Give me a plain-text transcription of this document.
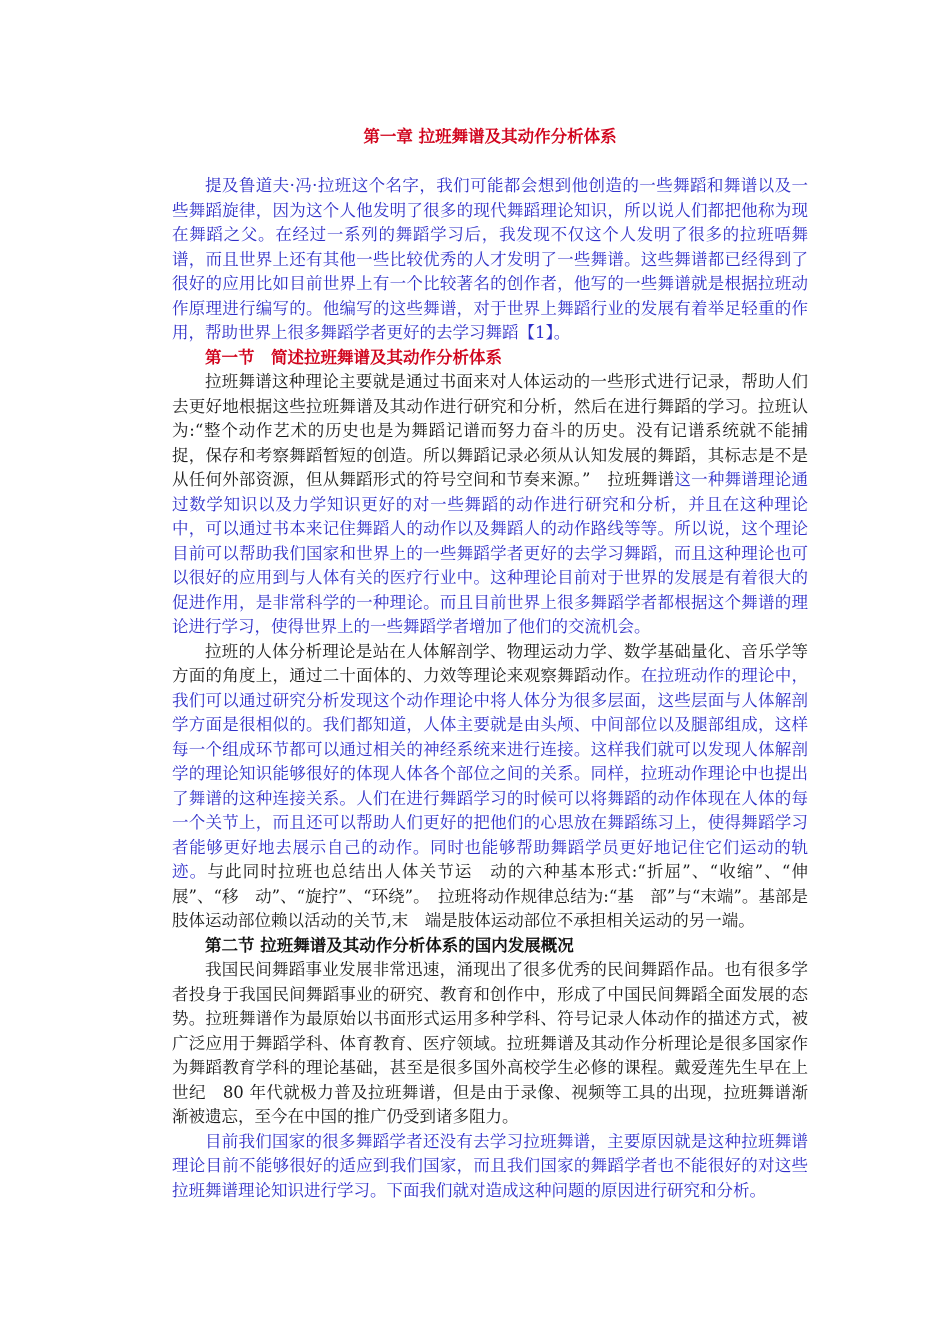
第一章 拉班舞谱及其动作分析体系

提及鲁道夫·冯·拉班这个名字，我们可能都会想到他创造的一些舞蹈和舞谱以及一些舞蹈旋律，因为这个人他发明了很多的现代舞蹈理论知识，所以说人们都把他称为现在舞蹈之父。在经过一系列的舞蹈学习后，我发现不仅这个人发明了很多的拉班唔舞谱，而且世界上还有其他一些比较优秀的人才发明了一些舞谱。这些舞谱都已经得到了很好的应用比如目前世界上有一个比较著名的创作者，他写的一些舞谱就是根据拉班动作原理进行编写的。他编写的这些舞谱，对于世界上舞蹈行业的发展有着举足轻重的作用，帮助世界上很多舞蹈学者更好的去学习舞蹈【1】。

第一节　简述拉班舞谱及其动作分析体系

拉班舞谱这种理论主要就是通过书面来对人体运动的一些形式进行记录，帮助人们去更好地根据这些拉班舞谱及其动作进行研究和分析，然后在进行舞蹈的学习。拉班认为:“整个动作艺术的历史也是为舞蹈记谱而努力奋斗的历史。没有记谱系统就不能捕捉，保存和考察舞蹈暂短的创造。所以舞蹈记录必须从认知发展的舞蹈，其标志是不是从任何外部资源，但从舞蹈形式的符号空间和节奏来源。”　拉班舞谱这一种舞谱理论通过数学知识以及力学知识更好的对一些舞蹈的动作进行研究和分析，并且在这种理论中，可以通过书本来记住舞蹈人的动作以及舞蹈人的动作路线等等。所以说，这个理论目前可以帮助我们国家和世界上的一些舞蹈学者更好的去学习舞蹈，而且这种理论也可以很好的应用到与人体有关的医疗行业中。这种理论目前对于世界的发展是有着很大的促进作用，是非常科学的一种理论。而且目前世界上很多舞蹈学者都根据这个舞谱的理论进行学习，使得世界上的一些舞蹈学者增加了他们的交流机会。

拉班的人体分析理论是站在人体解剖学、物理运动力学、数学基础量化、音乐学等方面的角度上，通过二十面体的、力效等理论来观察舞蹈动作。在拉班动作的理论中，我们可以通过研究分析发现这个动作理论中将人体分为很多层面，这些层面与人体解剖学方面是很相似的。我们都知道，人体主要就是由头颅、中间部位以及腿部组成，这样每一个组成环节都可以通过相关的神经系统来进行连接。这样我们就可以发现人体解剖学的理论知识能够很好的体现人体各个部位之间的关系。同样，拉班动作理论中也提出了舞谱的这种连接关系。人们在进行舞蹈学习的时候可以将舞蹈的动作体现在人体的每一个关节上，而且还可以帮助人们更好的把他们的心思放在舞蹈练习上，使得舞蹈学习者能够更好地去展示自己的动作。同时也能够帮助舞蹈学员更好地记住它们运动的轨迹。与此同时拉班也总结出人体关节运　动的六种基本形式:“折屈”、“收缩”、“伸展”、“移　动”、“旋拧”、“环绕”。　拉班将动作规律总结为:“基　部”与“末端”。基部是肢体运动部位赖以活动的关节,末　端是肢体运动部位不承担相关运动的另一端。

第二节 拉班舞谱及其动作分析体系的国内发展概况

我国民间舞蹈事业发展非常迅速，涌现出了很多优秀的民间舞蹈作品。也有很多学者投身于我国民间舞蹈事业的研究、教育和创作中，形成了中国民间舞蹈全面发展的态势。拉班舞谱作为最原始以书面形式运用多种学科、符号记录人体动作的描述方式，被广泛应用于舞蹈学科、体育教育、医疗领域。拉班舞谱及其动作分析理论是很多国家作为舞蹈教育学科的理论基础，甚至是很多国外高校学生必修的课程。戴爱莲先生早在上世纪　80 年代就极力普及拉班舞谱，但是由于录像、视频等工具的出现，拉班舞谱渐渐被遗忘，至今在中国的推广仍受到诸多阻力。

目前我们国家的很多舞蹈学者还没有去学习拉班舞谱，主要原因就是这种拉班舞谱理论目前不能够很好的适应到我们国家，而且我们国家的舞蹈学者也不能很好的对这些拉班舞谱理论知识进行学习。下面我们就对造成这种问题的原因进行研究和分析。
